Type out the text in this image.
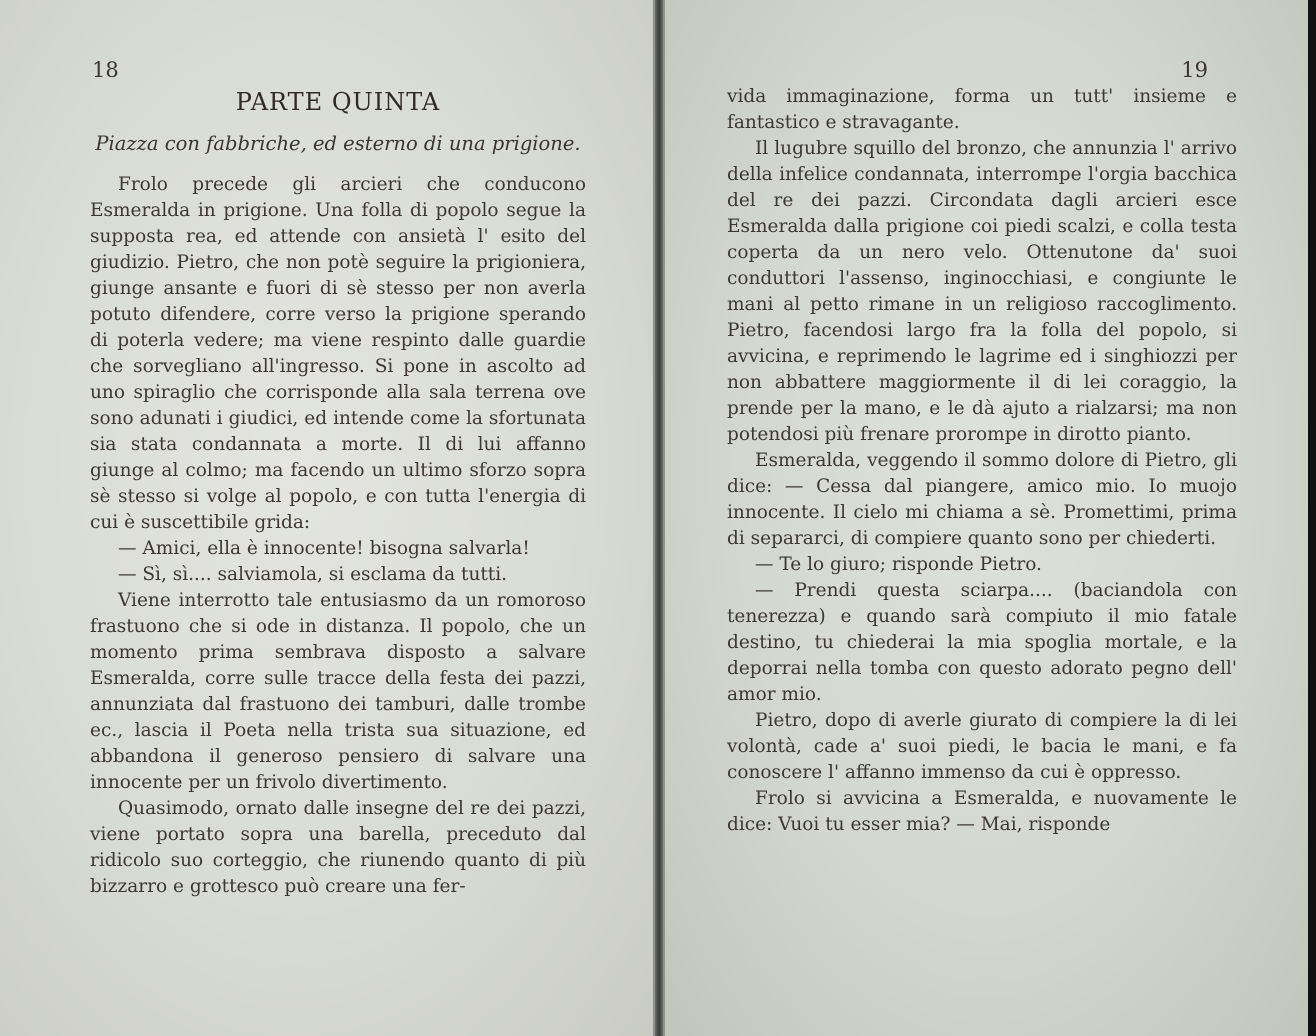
18
PARTE QUINTA
Piazza con fabbriche, ed esterno di una prigione.

Frolo precede gli arcieri che conducono Esmeralda in prigione. Una folla di popolo segue la supposta rea, ed attende con ansietà l' esito del giudizio. Pietro, che non potè seguire la prigioniera, giunge ansante e fuori di sè stesso per non averla potuto difendere, corre verso la prigione sperando di poterla vedere; ma viene respinto dalle guardie che sorvegliano all'ingresso. Si pone in ascolto ad uno spiraglio che corrisponde alla sala terrena ove sono adunati i giudici, ed intende come la sfortunata sia stata condannata a morte. Il di lui affanno giunge al colmo; ma facendo un ultimo sforzo sopra sè stesso si volge al popolo, e con tutta l'energia di cui è suscettibile grida:

— Amici, ella è innocente! bisogna salvarla!

— Sì, sì.... salviamola, si esclama da tutti.

Viene interrotto tale entusiasmo da un romoroso frastuono che si ode in distanza. Il popolo, che un momento prima sembrava disposto a salvare Esmeralda, corre sulle tracce della festa dei pazzi, annunziata dal frastuono dei tamburi, dalle trombe ec., lascia il Poeta nella trista sua situazione, ed abbandona il generoso pensiero di salvare una innocente per un frivolo divertimento.

Quasimodo, ornato dalle insegne del re dei pazzi, viene portato sopra una barella, preceduto dal ridicolo suo corteggio, che riunendo quanto di più bizzarro e grottesco può creare una fer-

19

vida immaginazione, forma un tutt' insieme e fantastico e stravagante.

Il lugubre squillo del bronzo, che annunzia l' arrivo della infelice condannata, interrompe l'orgia bacchica del re dei pazzi. Circondata dagli arcieri esce Esmeralda dalla prigione coi piedi scalzi, e colla testa coperta da un nero velo. Ottenutone da' suoi conduttori l'assenso, inginocchiasi, e congiunte le mani al petto rimane in un religioso raccoglimento. Pietro, facendosi largo fra la folla del popolo, si avvicina, e reprimendo le lagrime ed i singhiozzi per non abbattere maggiormente il di lei coraggio, la prende per la mano, e le dà ajuto a rialzarsi; ma non potendosi più frenare prorompe in dirotto pianto.

Esmeralda, veggendo il sommo dolore di Pietro, gli dice: — Cessa dal piangere, amico mio. Io muojo innocente. Il cielo mi chiama a sè. Promettimi, prima di separarci, di compiere quanto sono per chiederti.

— Te lo giuro; risponde Pietro.

— Prendi questa sciarpa.... (baciandola con tenerezza) e quando sarà compiuto il mio fatale destino, tu chiederai la mia spoglia mortale, e la deporrai nella tomba con questo adorato pegno dell' amor mio.

Pietro, dopo di averle giurato di compiere la di lei volontà, cade a' suoi piedi, le bacia le mani, e fa conoscere l' affanno immenso da cui è oppresso.

Frolo si avvicina a Esmeralda, e nuovamente le dice: Vuoi tu esser mia? — Mai, risponde
